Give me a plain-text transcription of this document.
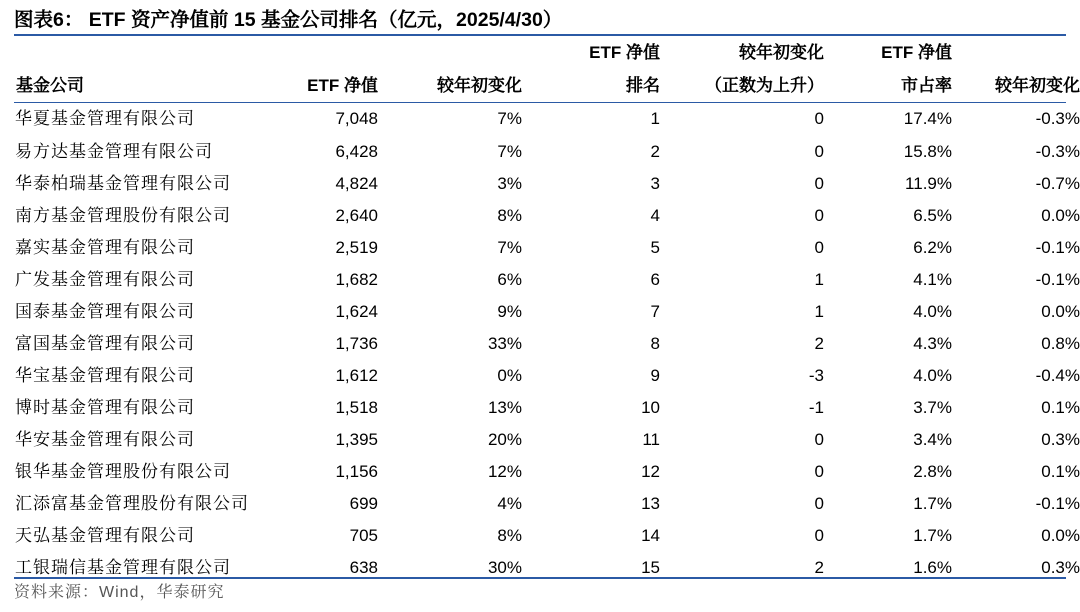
图表6： ETF 资产净值前 15 基金公司排名（亿元，2025/4/30）
			ETF 净值	较年初变化	ETF 净值	
基金公司	ETF 净值	较年初变化	排名	（正数为上升）	市占率	较年初变化
华夏基金管理有限公司	7,048	7%	1	0	17.4%	-0.3%
易方达基金管理有限公司	6,428	7%	2	0	15.8%	-0.3%
华泰柏瑞基金管理有限公司	4,824	3%	3	0	11.9%	-0.7%
南方基金管理股份有限公司	2,640	8%	4	0	6.5%	0.0%
嘉实基金管理有限公司	2,519	7%	5	0	6.2%	-0.1%
广发基金管理有限公司	1,682	6%	6	1	4.1%	-0.1%
国泰基金管理有限公司	1,624	9%	7	1	4.0%	0.0%
富国基金管理有限公司	1,736	33%	8	2	4.3%	0.8%
华宝基金管理有限公司	1,612	0%	9	-3	4.0%	-0.4%
博时基金管理有限公司	1,518	13%	10	-1	3.7%	0.1%
华安基金管理有限公司	1,395	20%	11	0	3.4%	0.3%
银华基金管理股份有限公司	1,156	12%	12	0	2.8%	0.1%
汇添富基金管理股份有限公司	699	4%	13	0	1.7%	-0.1%
天弘基金管理有限公司	705	8%	14	0	1.7%	0.0%
工银瑞信基金管理有限公司	638	30%	15	2	1.6%	0.3%
资料来源：Wind，华泰研究
